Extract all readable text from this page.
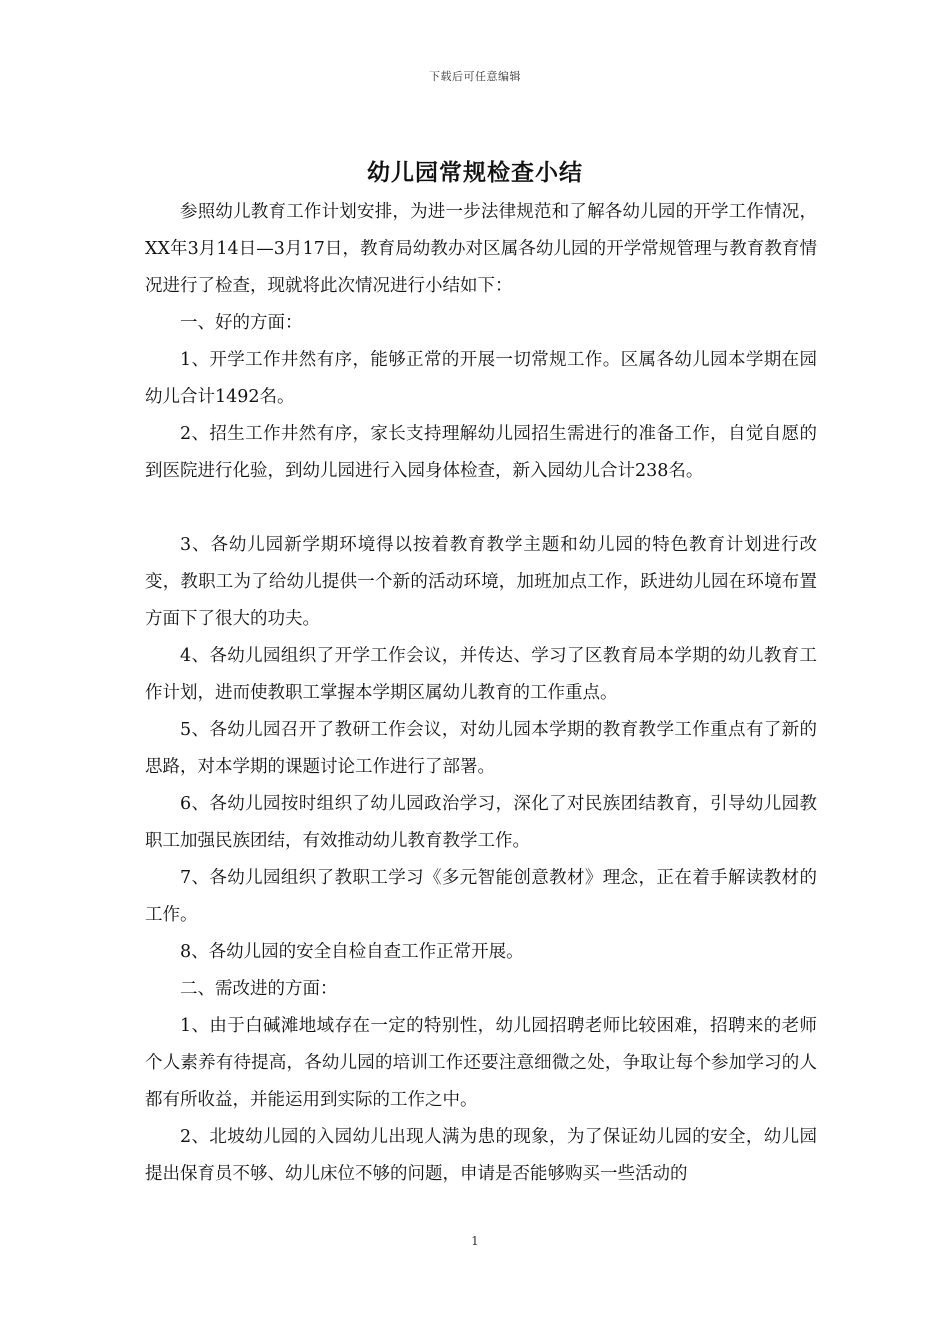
下载后可任意编辑
幼儿园常规检查小结

参照幼儿教育工作计划安排，为进一步法律规范和了解各幼儿园的开学工作情况，XX年3月14日—3月17日，教育局幼教办对区属各幼儿园的开学常规管理与教育教育情况进行了检查，现就将此次情况进行小结如下：

一、好的方面：

1、开学工作井然有序，能够正常的开展一切常规工作。区属各幼儿园本学期在园幼儿合计1492名。

2、招生工作井然有序，家长支持理解幼儿园招生需进行的准备工作，自觉自愿的到医院进行化验，到幼儿园进行入园身体检查，新入园幼儿合计238名。

3、各幼儿园新学期环境得以按着教育教学主题和幼儿园的特色教育计划进行改变，教职工为了给幼儿提供一个新的活动环境，加班加点工作，跃进幼儿园在环境布置方面下了很大的功夫。

4、各幼儿园组织了开学工作会议，并传达、学习了区教育局本学期的幼儿教育工作计划，进而使教职工掌握本学期区属幼儿教育的工作重点。

5、各幼儿园召开了教研工作会议，对幼儿园本学期的教育教学工作重点有了新的思路，对本学期的课题讨论工作进行了部署。

6、各幼儿园按时组织了幼儿园政治学习，深化了对民族团结教育，引导幼儿园教职工加强民族团结，有效推动幼儿教育教学工作。

7、各幼儿园组织了教职工学习《多元智能创意教材》理念，正在着手解读教材的工作。

8、各幼儿园的安全自检自查工作正常开展。

二、需改进的方面：

1、由于白碱滩地域存在一定的特别性，幼儿园招聘老师比较困难，招聘来的老师个人素养有待提高，各幼儿园的培训工作还要注意细微之处，争取让每个参加学习的人都有所收益，并能运用到实际的工作之中。

2、北坡幼儿园的入园幼儿出现人满为患的现象，为了保证幼儿园的安全，幼儿园提出保育员不够、幼儿床位不够的问题，申请是否能够购买一些活动的

1
